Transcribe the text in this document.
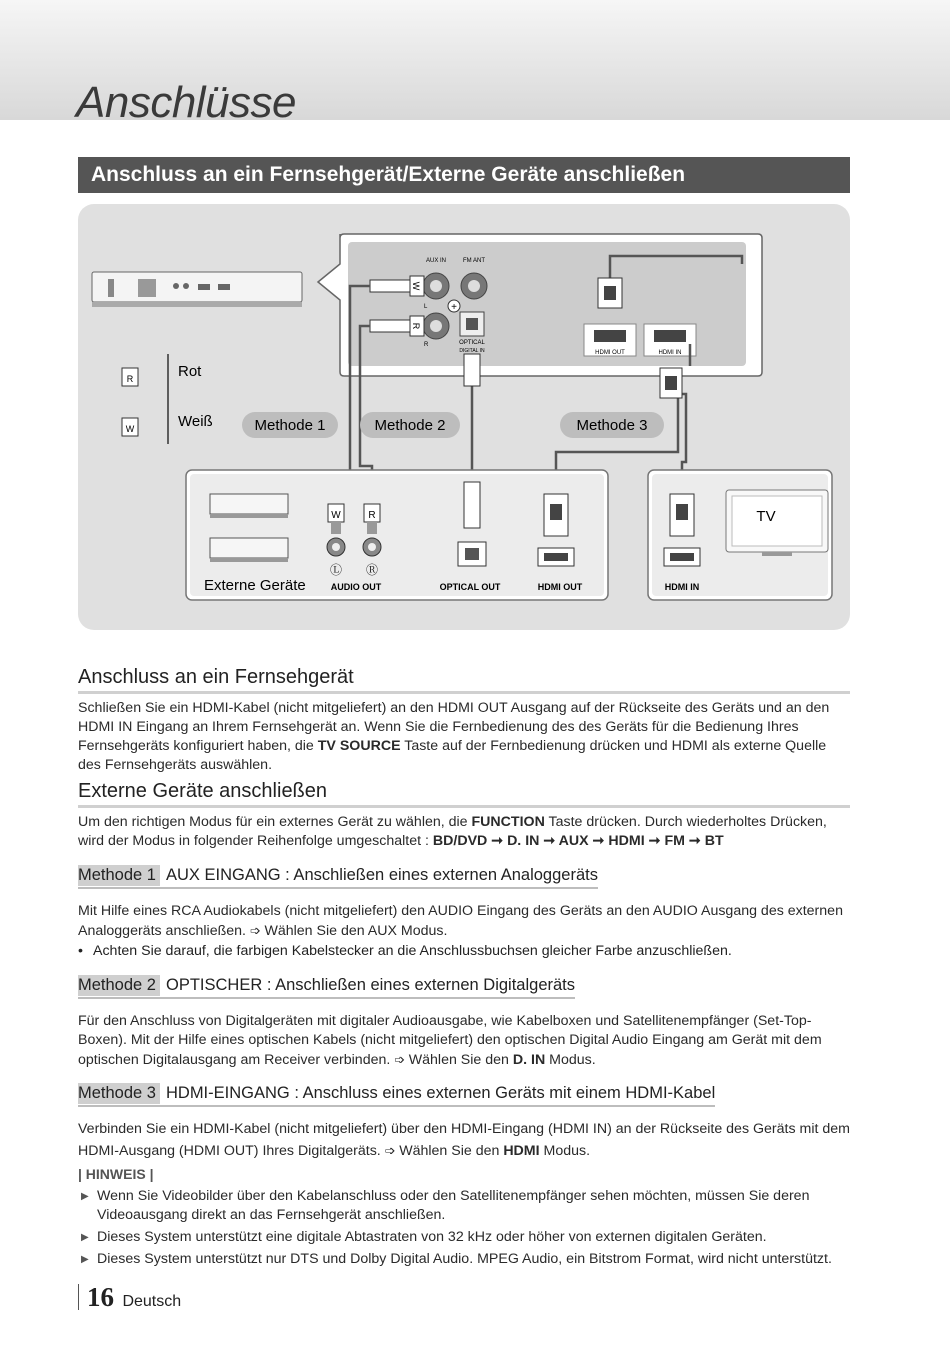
Anschlüsse
Anschluss an ein Fernsehgerät/Externe Geräte anschließen
+
AUX IN	FM ANT
L
R	OPTICAL
DIGITAL IN	HDMI OUT	HDMI IN
W
R
R
W
Rot
Weiß	Methode 1	Methode 2	Methode 3
Externe Geräte
W	R
Ⓛ Ⓡ
AUDIO OUT	OPTICAL OUT	HDMI OUT	HDMI IN
TV
Anschluss an ein Fernsehgerät
Schließen Sie ein HDMI-Kabel (nicht mitgeliefert) an den HDMI OUT Ausgang auf der Rückseite des Geräts und an den HDMI IN Eingang an Ihrem Fernsehgerät an. Wenn Sie die Fernbedienung des des Geräts für die Bedienung Ihres Fernsehgeräts konfiguriert haben, die TV SOURCE Taste auf der Fernbedienung drücken und HDMI als externe Quelle des Fernsehgeräts auswählen.
Externe Geräte anschließen
Um den richtigen Modus für ein externes Gerät zu wählen, die FUNCTION Taste drücken. Durch wiederholtes Drücken, wird der Modus in folgender Reihenfolge umgeschaltet : BD/DVD ➞ D. IN ➞ AUX ➞ HDMI ➞ FM ➞ BT
Methode 1 AUX EINGANG : Anschließen eines externen Analoggeräts
Mit Hilfe eines RCA Audiokabels (nicht mitgeliefert) den AUDIO Eingang des Geräts an den AUDIO Ausgang des externen Analoggeräts anschließen. ➩ Wählen Sie den AUX Modus.
• Achten Sie darauf, die farbigen Kabelstecker an die Anschlussbuchsen gleicher Farbe anzuschließen.
Methode 2 OPTISCHER : Anschließen eines externen Digitalgeräts
Für den Anschluss von Digitalgeräten mit digitaler Audioausgabe, wie Kabelboxen und Satellitenempfänger (Set-Top-Boxen). Mit der Hilfe eines optischen Kabels (nicht mitgeliefert) den optischen Digital Audio Eingang am Gerät mit dem optischen Digitalausgang am Receiver verbinden. ➩ Wählen Sie den D. IN Modus.
Methode 3 HDMI-EINGANG : Anschluss eines externen Geräts mit einem HDMI-Kabel
Verbinden Sie ein HDMI-Kabel (nicht mitgeliefert) über den HDMI-Eingang (HDMI IN) an der Rückseite des Geräts mit dem HDMI-Ausgang (HDMI OUT) Ihres Digitalgeräts. ➩ Wählen Sie den HDMI Modus.
| HINWEIS |
▶ Wenn Sie Videobilder über den Kabelanschluss oder den Satellitenempfänger sehen möchten, müssen Sie deren Videoausgang direkt an das Fernsehgerät anschließen.
▶ Dieses System unterstützt eine digitale Abtastraten von 32 kHz oder höher von externen digitalen Geräten.
▶ Dieses System unterstützt nur DTS und Dolby Digital Audio. MPEG Audio, ein Bitstrom Format, wird nicht unterstützt.
16 Deutsch
